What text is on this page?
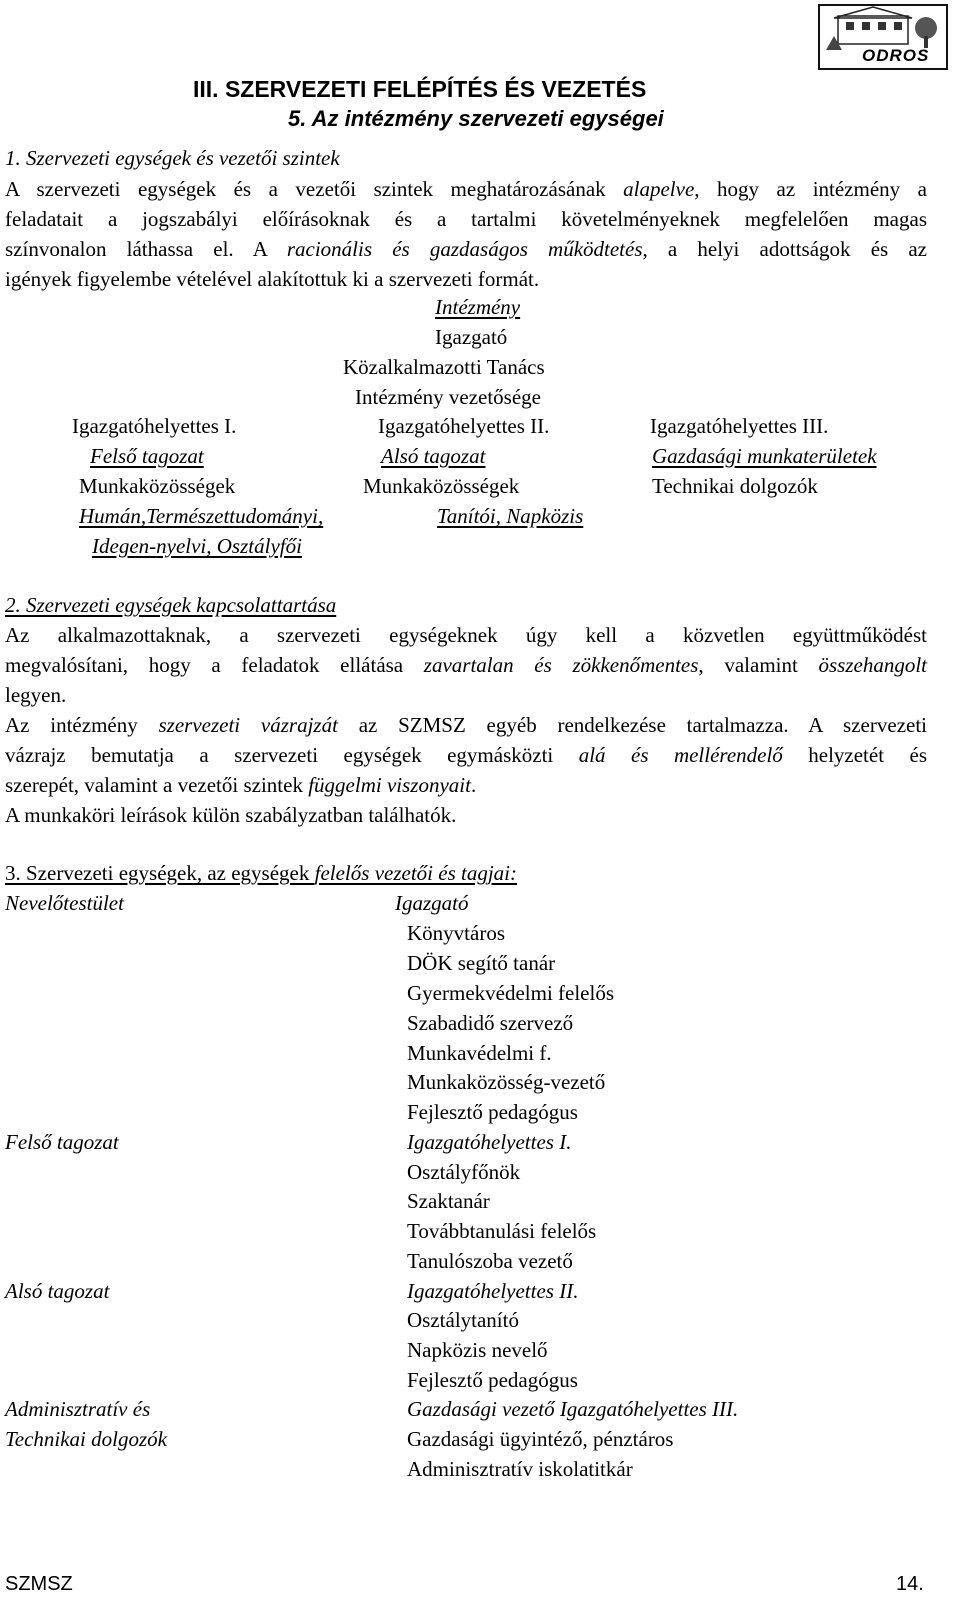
ODROS
III. SZERVEZETI FELÉPÍTÉS ÉS VEZETÉS
5. Az intézmény szervezeti egységei
1. Szervezeti egységek és vezetői szintek
A szervezeti egységek és a vezetői szintek meghatározásának alapelve, hogy az intézmény a
feladatait a jogszabályi előírásoknak és a tartalmi követelményeknek megfelelően magas
színvonalon láthassa el. A racionális és gazdaságos működtetés, a helyi adottságok és az
igények figyelembe vételével alakítottuk ki a szervezeti formát.
Intézmény
Igazgató
Közalkalmazotti Tanács
Intézmény vezetősége
Igazgatóhelyettes I.	Igazgatóhelyettes II.	Igazgatóhelyettes III.
Felső tagozat	Alsó tagozat	Gazdasági munkaterületek
Munkaközösségek	Munkaközösségek	Technikai dolgozók
Humán,Természettudományi,	Tanítói, Napközis
Idegen-nyelvi, Osztályfői
2. Szervezeti egységek kapcsolattartása
Az alkalmazottaknak, a szervezeti egységeknek úgy kell a közvetlen együttműködést
megvalósítani, hogy a feladatok ellátása zavartalan és zökkenőmentes, valamint összehangolt
legyen.
Az intézmény szervezeti vázrajzát az SZMSZ egyéb rendelkezése tartalmazza. A szervezeti
vázrajz bemutatja a szervezeti egységek egymásközti alá és mellérendelő helyzetét és
szerepét, valamint a vezetői szintek függelmi viszonyait.
A munkaköri leírások külön szabályzatban találhatók.
3. Szervezeti egységek, az egységek felelős vezetői és tagjai:
Nevelőtestület	Igazgató
Könyvtáros
DÖK segítő tanár
Gyermekvédelmi felelős
Szabadidő szervező
Munkavédelmi f.
Munkaközösség-vezető
Fejlesztő pedagógus
Felső tagozat	Igazgatóhelyettes I.
Osztályfőnök
Szaktanár
Továbbtanulási felelős
Tanulószoba vezető
Alsó tagozat	Igazgatóhelyettes II.
Osztálytanító
Napközis nevelő
Fejlesztő pedagógus
Adminisztratív és
Technikai dolgozók
Gazdasági vezető Igazgatóhelyettes III.
Gazdasági ügyintéző, pénztáros
Adminisztratív iskolatitkár
SZMSZ	14.
